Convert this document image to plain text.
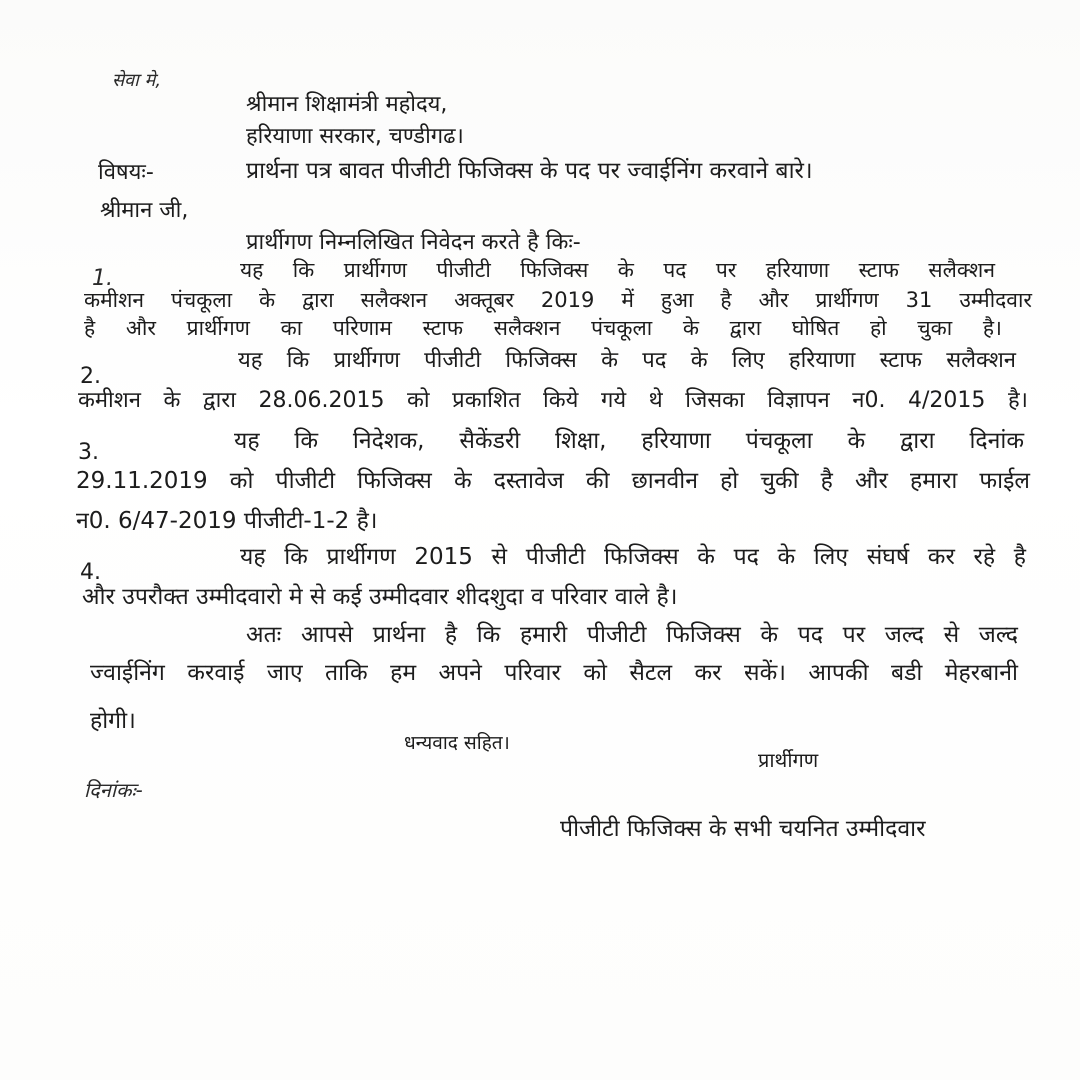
सेवा मे,
श्रीमान शिक्षामंत्री महोदय,
हरियाणा सरकार, चण्डीगढ।
विषयः-	प्रार्थना पत्र बावत पीजीटी फिजिक्स के पद पर ज्वाईनिंग करवाने बारे।
श्रीमान जी,
प्रार्थीगण निम्नलिखित निवेदन करते है किः-
1.	यह कि प्रार्थीगण पीजीटी फिजिक्स के पद पर हरियाणा स्टाफ सलैक्शन
कमीशन पंचकूला के द्वारा सलैक्शन अक्तूबर 2019 में हुआ है और प्रार्थीगण 31 उम्मीदवार
है और प्रार्थीगण का परिणाम स्टाफ सलैक्शन पंचकूला के द्वारा घोषित हो चुका है।
2.
यह कि प्रार्थीगण पीजीटी फिजिक्स के पद के लिए हरियाणा स्टाफ सलैक्शन
कमीशन के द्वारा 28.06.2015 को प्रकाशित किये गये थे जिसका विज्ञापन न0. 4/2015 है।
3.	यह कि निदेशक, सैकेंडरी शिक्षा, हरियाणा पंचकूला के द्वारा दिनांक
29.11.2019 को पीजीटी फिजिक्स के दस्तावेज की छानवीन हो चुकी है और हमारा फाईल
न0. 6/47-2019 पीजीटी-1-2 है।
4.
यह कि प्रार्थीगण 2015 से पीजीटी फिजिक्स के पद के लिए संघर्ष कर रहे है
और उपरौक्त उम्मीदवारो मे से कई उम्मीदवार शीदशुदा व परिवार वाले है।
अतः आपसे प्रार्थना है कि हमारी पीजीटी फिजिक्स के पद पर जल्द से जल्द
ज्वाईनिंग करवाई जाए ताकि हम अपने परिवार को सैटल कर सकें। आपकी बडी मेहरबानी
होगी।
धन्यवाद सहित।
प्रार्थीगण
दिनांकः-
पीजीटी फिजिक्स के सभी चयनित उम्मीदवार
